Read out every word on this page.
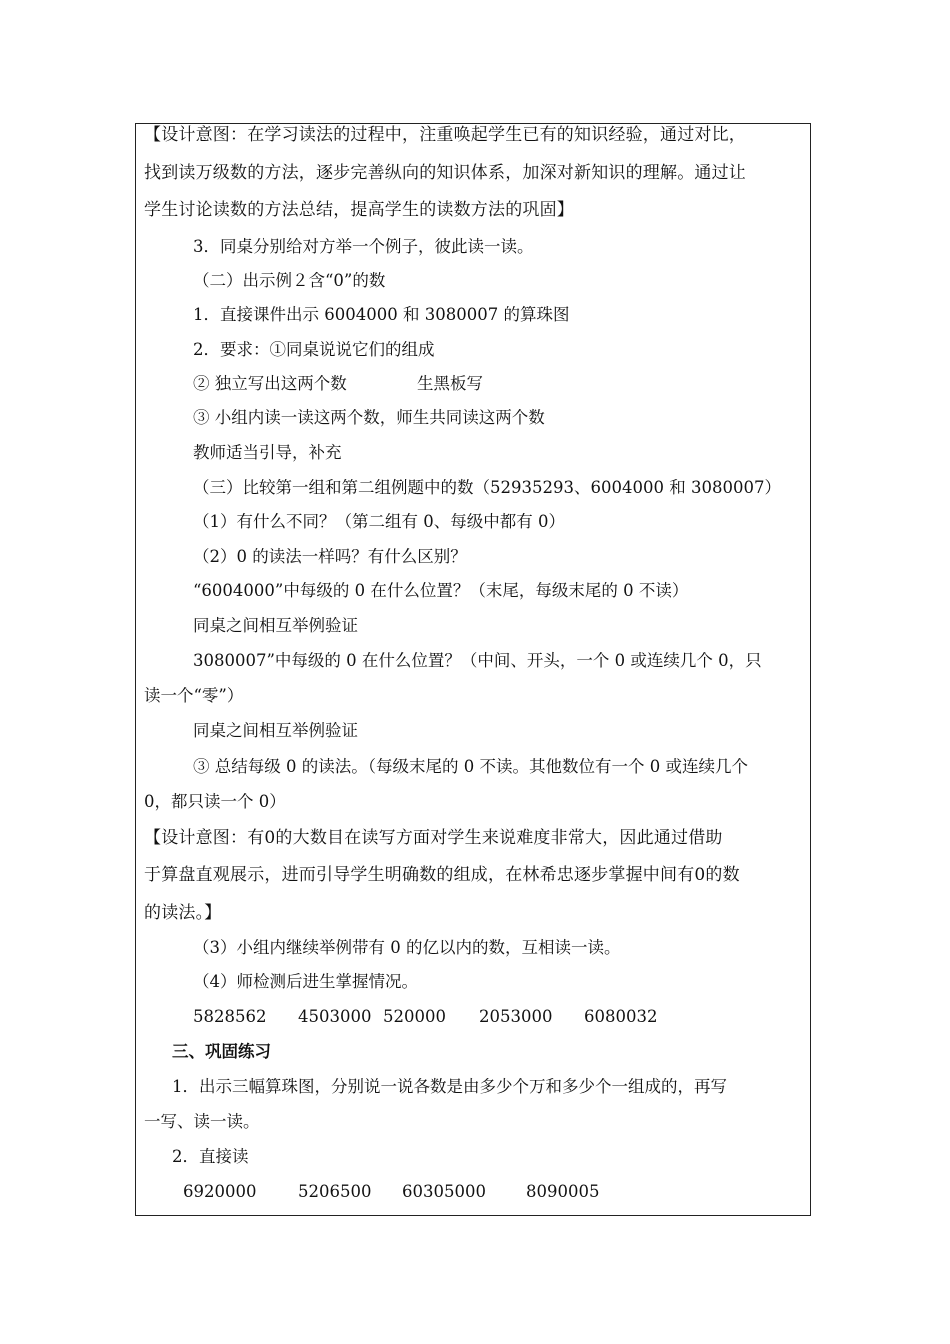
【设计意图：在学习读法的过程中，注重唤起学生已有的知识经验，通过对比，
找到读万级数的方法，逐步完善纵向的知识体系，加深对新知识的理解。通过让
学生讨论读数的方法总结，提高学生的读数方法的巩固】
3．同桌分别给对方举一个例子，彼此读一读。
（二）出示例２含“0”的数
1．直接课件出示 6004000 和 3080007 的算珠图
2．要求：①同桌说说它们的组成
② 独立写出这两个数	生黑板写
③ 小组内读一读这两个数，师生共同读这两个数
教师适当引导，补充
（三）比较第一组和第二组例题中的数（52935293、6004000 和 3080007）
（1）有什么不同？（第二组有 0、每级中都有 0）
（2）0 的读法一样吗？有什么区别？
“6004000”中每级的 0 在什么位置？（末尾，每级末尾的 0 不读）
同桌之间相互举例验证
3080007”中每级的 0 在什么位置？（中间、开头，一个 0 或连续几个 0，只
读一个“零”）
同桌之间相互举例验证
③ 总结每级 0 的读法。（每级末尾的 0 不读。其他数位有一个 0 或连续几个
0，都只读一个 0）
【设计意图：有0的大数目在读写方面对学生来说难度非常大，因此通过借助
于算盘直观展示，进而引导学生明确数的组成，在林希忠逐步掌握中间有0的数
的读法。】
（3）小组内继续举例带有 0 的亿以内的数，互相读一读。
（4）师检测后进生掌握情况。
5828562 4503000 520000 2053000 6080032
三、巩固练习
1．出示三幅算珠图，分别说一说各数是由多少个万和多少个一组成的，再写
一写、读一读。
2．直接读
6920000	5206500 60305000 8090005
